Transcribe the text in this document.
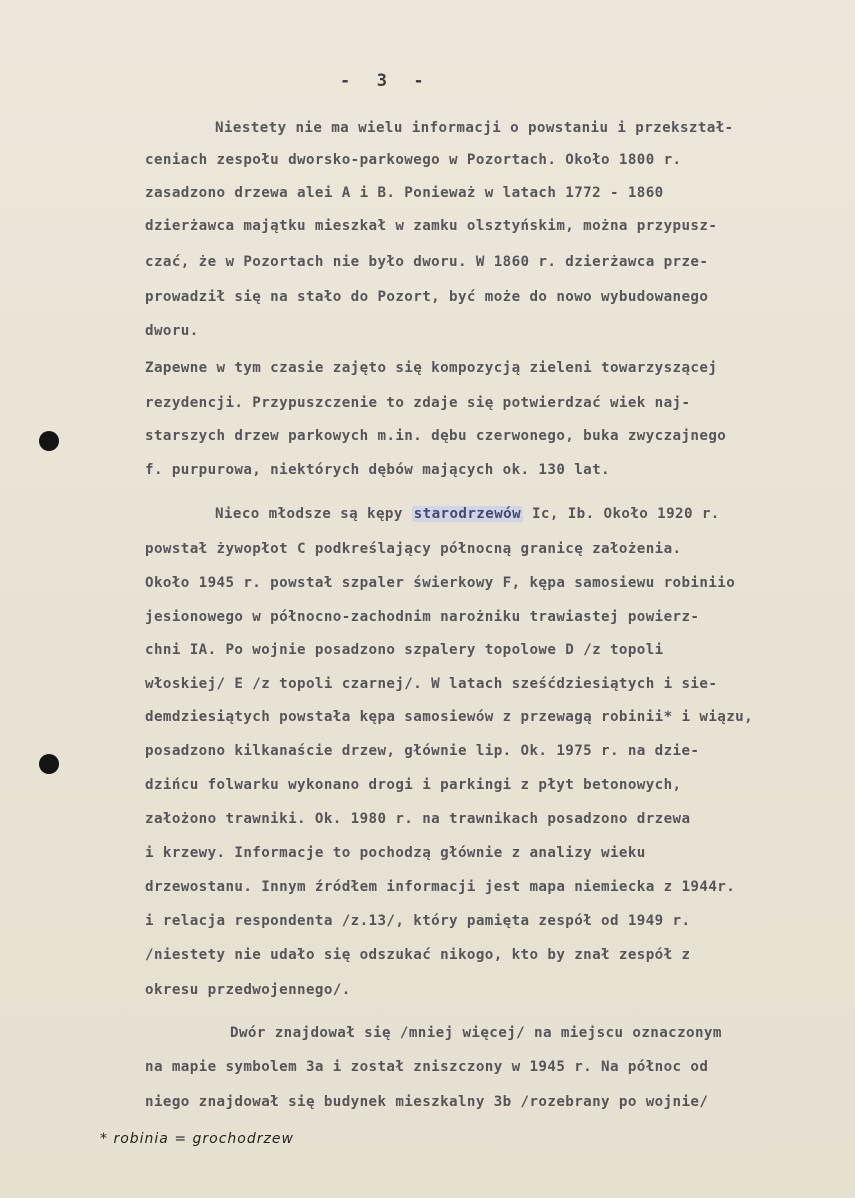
-  3  -
Niestety nie ma wielu informacji o powstaniu i przekształ-
ceniach zespołu dworsko-parkowego w Pozortach. Około 1800 r.
zasadzono drzewa alei A i B. Ponieważ w latach 1772 - 1860
dzierżawca majątku mieszkał w zamku olsztyńskim, można przypusz-
czać, że w Pozortach nie było dworu. W 1860 r. dzierżawca prze-
prowadził się na stało do Pozort, być może do nowo wybudowanego
dworu.
Zapewne w tym czasie zajęto się kompozycją zieleni towarzyszącej
rezydencji. Przypuszczenie to zdaje się potwierdzać wiek naj-
starszych drzew parkowych m.in. dębu czerwonego, buka zwyczajnego
f. purpurowa, niektórych dębów mających ok. 130 lat.
Nieco młodsze są kępy starodrzewów Ic, Ib. Około 1920 r.
powstał żywopłot C podkreślający północną granicę założenia.
Około 1945 r. powstał szpaler świerkowy F, kępa samosiewu robiniio
jesionowego w północno-zachodnim narożniku trawiastej powierz-
chni IA. Po wojnie posadzono szpalery topolowe D /z topoli
włoskiej/ E /z topoli czarnej/. W latach sześćdziesiątych i sie-
demdziesiątych powstała kępa samosiewów z przewagą robinii* i wiązu,
posadzono kilkanaście drzew, głównie lip. Ok. 1975 r. na dzie-
dzińcu folwarku wykonano drogi i parkingi z płyt betonowych,
założono trawniki. Ok. 1980 r. na trawnikach posadzono drzewa
i krzewy. Informacje to pochodzą głównie z analizy wieku
drzewostanu. Innym źródłem informacji jest mapa niemiecka z 1944r.
i relacja respondenta /z.13/, który pamięta zespół od 1949 r.
/niestety nie udało się odszukać nikogo, kto by znał zespół z
okresu przedwojennego/.
Dwór znajdował się /mniej więcej/ na miejscu oznaczonym
na mapie symbolem 3a i został zniszczony w 1945 r. Na północ od
niego znajdował się budynek mieszkalny 3b /rozebrany po wojnie/
* robinia = grochodrzew
